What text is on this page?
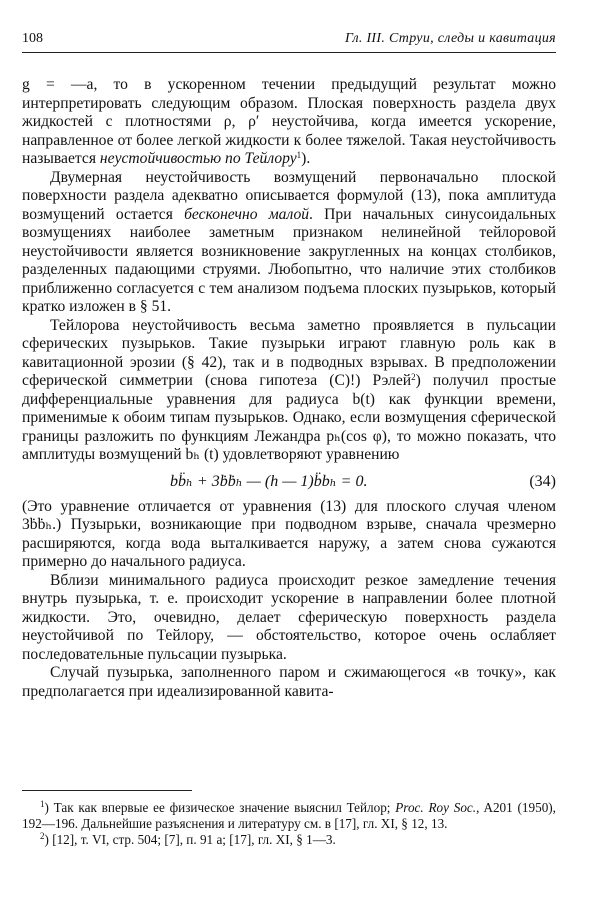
108	Гл. III. Струи, следы и кавитация

g = —a, то в ускоренном течении предыдущий результат можно интерпретировать следующим образом. Плоская поверхность раздела двух жидкостей с плотностями ρ, ρ′ неустойчива, когда имеется ускорение, направленное от более легкой жидкости к более тяжелой. Такая неустойчивость называется неустойчивостью по Тейлору$^1$).

Двумерная неустойчивость возмущений первоначально плоской поверхности раздела адекватно описывается формулой (13), пока амплитуда возмущений остается бесконечно малой. При начальных синусоидальных возмущениях наиболее заметным признаком нелинейной тейлоровой неустойчивости является возникновение закругленных на концах столбиков, разделенных падающими струями. Любопытно, что наличие этих столбиков приближенно согласуется с тем анализом подъема плоских пузырьков, который кратко изложен в § 51.

Тейлорова неустойчивость весьма заметно проявляется в пульсации сферических пузырьков. Такие пузырьки играют главную роль как в кавитационной эрозии (§ 42), так и в подводных взрывах. В предположении сферической симметрии (снова гипотеза (C)!) Рэлей$^2$) получил простые дифференциальные уравнения для радиуса b(t) как функции времени, применимые к обоим типам пузырьков. Однако, если возмущения сферической границы разложить по функциям Лежандра pₕ(cos φ), то можно показать, что амплитуды возмущений bₕ (t) удовлетворяют уравнению

bb̈ₕ + 3ḃḃₕ — (h — 1)b̈bₕ = 0.	(34)

(Это уравнение отличается от уравнения (13) для плоского случая членом 3ḃḃₕ.) Пузырьки, возникающие при подводном взрыве, сначала чрезмерно расширяются, когда вода выталкивается наружу, а затем снова сужаются примерно до начального радиуса.

Вблизи минимального радиуса происходит резкое замедление течения внутрь пузырька, т. е. происходит ускорение в направлении более плотной жидкости. Это, очевидно, делает сферическую поверхность раздела неустойчивой по Тейлору, — обстоятельство, которое очень ослабляет последовательные пульсации пузырька.

Случай пузырька, заполненного паром и сжимающегося «в точку», как предполагается при идеализированной кавита-

$^1$) Так как впервые ее физическое значение выяснил Тейлор; Proc. Roy Soc., A201 (1950), 192—196. Дальнейшие разъяснения и литературу см. в [17], гл. XI, § 12, 13.

$^2$) [12], т. VI, стр. 504; [7], п. 91 а; [17], гл. XI, § 1—3.
